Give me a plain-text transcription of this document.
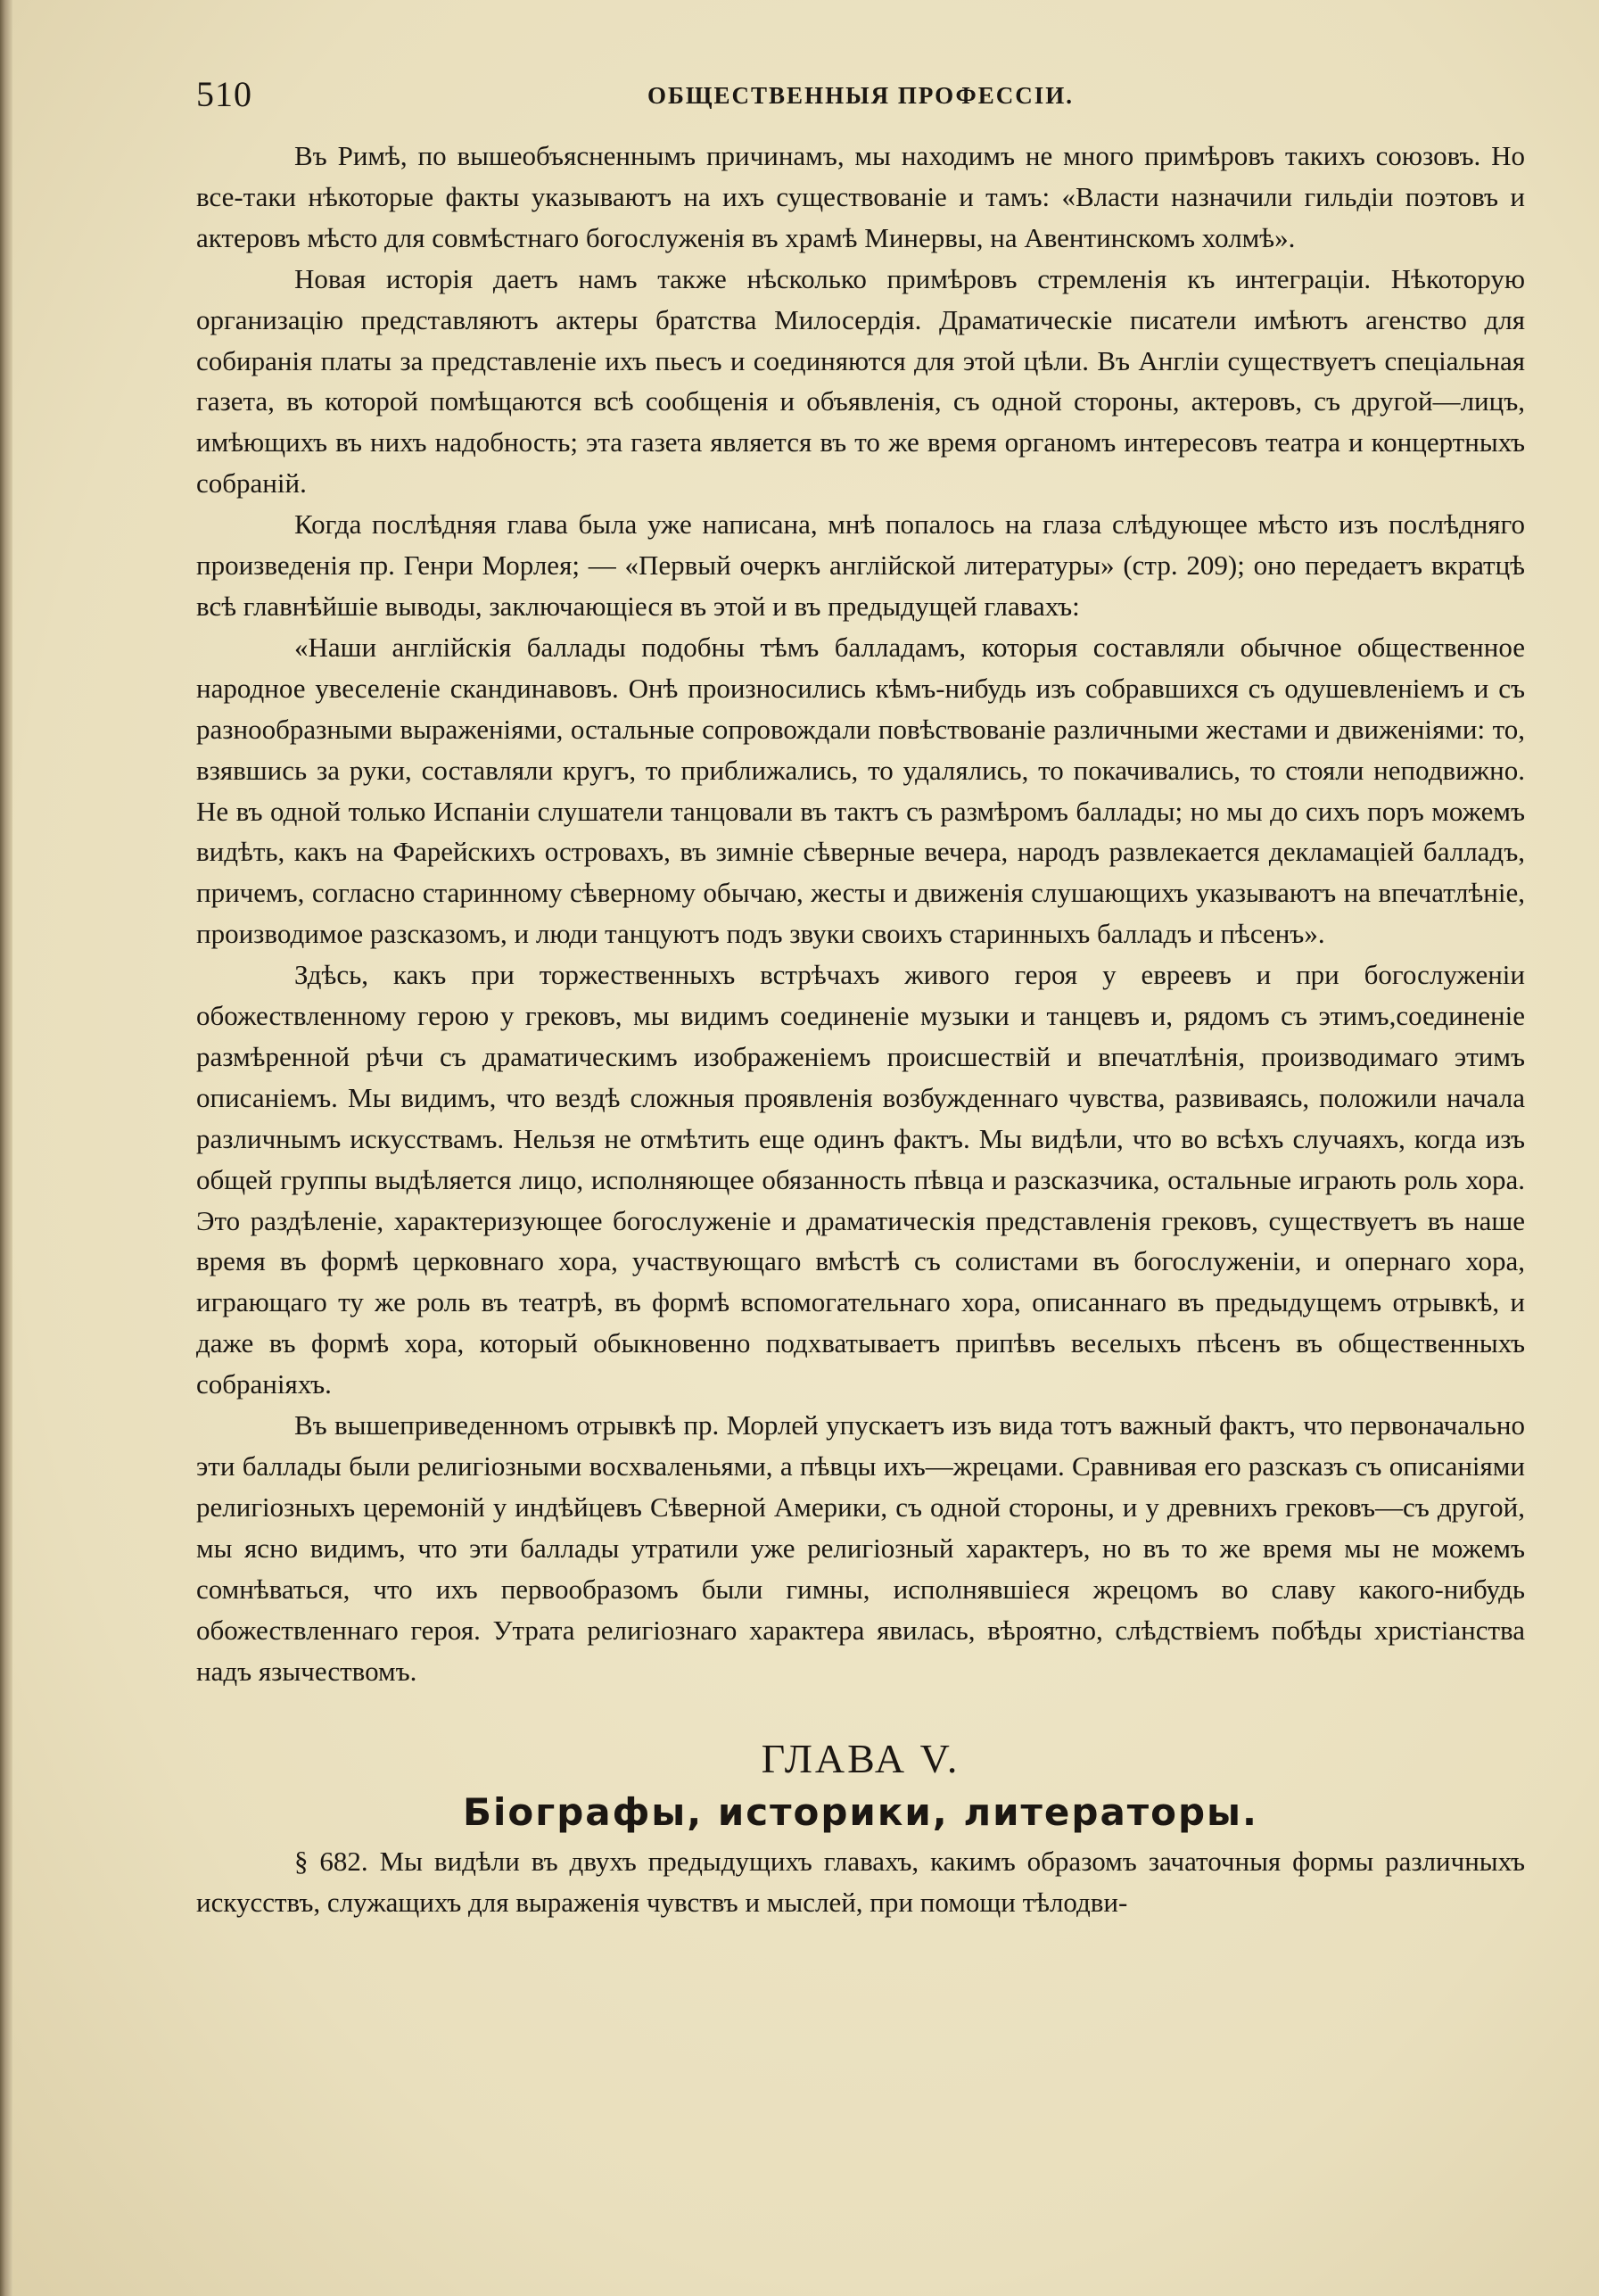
510	ОБЩЕСТВЕННЫЯ ПРОФЕССІИ.

Въ Римѣ, по вышеобъясненнымъ причинамъ, мы находимъ не много примѣровъ такихъ союзовъ. Но все-таки нѣкоторые факты указываютъ на ихъ существованіе и тамъ: «Власти назначили гильдіи поэтовъ и актеровъ мѣсто для совмѣстнаго богослуженія въ храмѣ Минервы, на Авентинскомъ холмѣ».

Новая исторія даетъ намъ также нѣсколько примѣровъ стремленія къ интеграціи. Нѣкоторую организацію представляютъ актеры братства Милосердія. Драматическіе писатели имѣютъ агенство для собиранія платы за представленіе ихъ пьесъ и соединяются для этой цѣли. Въ Англіи существуетъ спеціальная газета, въ которой помѣщаются всѣ сообщенія и объявленія, съ одной стороны, актеровъ, съ другой—лицъ, имѣющихъ въ нихъ надобность; эта газета является въ то же время органомъ интересовъ театра и концертныхъ собраній.

Когда послѣдняя глава была уже написана, мнѣ попалось на глаза слѣдующее мѣсто изъ послѣдняго произведенія пр. Генри Морлея; — «Первый очеркъ англійской литературы» (стр. 209); оно передаетъ вкратцѣ всѣ главнѣйшіе выводы, заключающіеся въ этой и въ предыдущей главахъ:

«Наши англійскія баллады подобны тѣмъ балладамъ, которыя составляли обычное общественное народное увеселеніе скандинавовъ. Онѣ произносились кѣмъ-нибудь изъ собравшихся съ одушевленіемъ и съ разнообразными выраженіями, остальные сопровождали повѣствованіе различными жестами и движеніями: то, взявшись за руки, составляли кругъ, то приближались, то удалялись, то покачивались, то стояли неподвижно. Не въ одной только Испаніи слушатели танцовали въ тактъ съ размѣромъ баллады; но мы до сихъ поръ можемъ видѣть, какъ на Фарейскихъ островахъ, въ зимніе сѣверные вечера, народъ развлекается декламаціей балладъ, причемъ, согласно старинному сѣверному обычаю, жесты и движенія слушающихъ указываютъ на впечатлѣніе, производимое разсказомъ, и люди танцуютъ подъ звуки своихъ старинныхъ балладъ и пѣсенъ».

Здѣсь, какъ при торжественныхъ встрѣчахъ живого героя у евреевъ и при богослуженіи обожествленному герою у грековъ, мы видимъ соединеніе музыки и танцевъ и, рядомъ съ этимъ,соединеніе размѣренной рѣчи съ драматическимъ изображеніемъ происшествій и впечатлѣнія, производимаго этимъ описаніемъ. Мы видимъ, что вездѣ сложныя проявленія возбужденнаго чувства, развиваясь, положили начала различнымъ искусствамъ. Нельзя не отмѣтить еще одинъ фактъ. Мы видѣли, что во всѣхъ случаяхъ, когда изъ общей группы выдѣляется лицо, исполняющее обязанность пѣвца и разсказчика, остальные играють роль хора. Это раздѣленіе, характеризующее богослуженіе и драматическія представленія грековъ, существуетъ въ наше время въ формѣ церковнаго хора, участвующаго вмѣстѣ съ солистами въ богослуженіи, и опернаго хора, играющаго ту же роль въ театрѣ, въ формѣ вспомогательнаго хора, описаннаго въ предыдущемъ отрывкѣ, и даже въ формѣ хора, который обыкновенно подхватываетъ припѣвъ веселыхъ пѣсенъ въ общественныхъ собраніяхъ.

Въ вышеприведенномъ отрывкѣ пр. Морлей упускаетъ изъ вида тотъ важный фактъ, что первоначально эти баллады были религіозными восхваленьями, а пѣвцы ихъ—жрецами. Сравнивая его разсказъ съ описаніями религіозныхъ церемоній у индѣйцевъ Сѣверной Америки, съ одной стороны, и у древнихъ грековъ—съ другой, мы ясно видимъ, что эти баллады утратили уже религіозный характеръ, но въ то же время мы не можемъ сомнѣваться, что ихъ первообразомъ были гимны, исполнявшіеся жрецомъ во славу какого-нибудь обожествленнаго героя. Утрата религіознаго характера явилась, вѣроятно, слѣдствіемъ побѣды христіанства надъ язычествомъ.

ГЛАВА V.
Біографы, историки, литераторы.

§ 682. Мы видѣли въ двухъ предыдущихъ главахъ, какимъ образомъ зачаточныя формы различныхъ искусствъ, служащихъ для выраженія чувствъ и мыслей, при помощи тѣлодви-
